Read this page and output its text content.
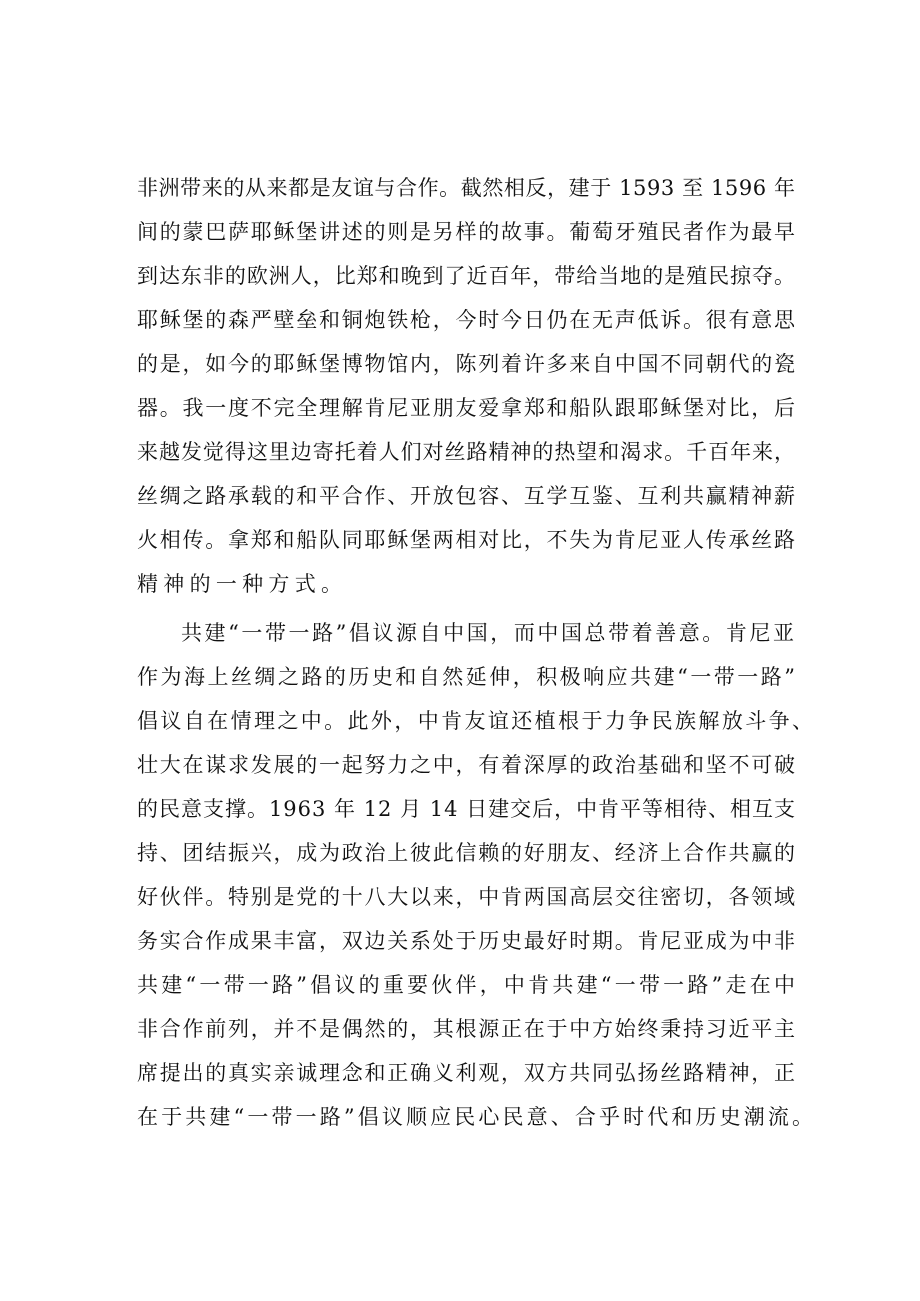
非洲带来的从来都是友谊与合作。截然相反，建于 1593 至 1596 年
间的蒙巴萨耶稣堡讲述的则是另样的故事。葡萄牙殖民者作为最早
到达东非的欧洲人，比郑和晚到了近百年，带给当地的是殖民掠夺。
耶稣堡的森严壁垒和铜炮铁枪，今时今日仍在无声低诉。很有意思
的是，如今的耶稣堡博物馆内，陈列着许多来自中国不同朝代的瓷
器。我一度不完全理解肯尼亚朋友爱拿郑和船队跟耶稣堡对比，后
来越发觉得这里边寄托着人们对丝路精神的热望和渴求。千百年来，
丝绸之路承载的和平合作、开放包容、互学互鉴、互利共赢精神薪
火相传。拿郑和船队同耶稣堡两相对比，不失为肯尼亚人传承丝路
精神的一种方式。
共建“一带一路”倡议源自中国，而中国总带着善意。肯尼亚
作为海上丝绸之路的历史和自然延伸，积极响应共建“一带一路”
倡议自在情理之中。此外，中肯友谊还植根于力争民族解放斗争、
壮大在谋求发展的一起努力之中，有着深厚的政治基础和坚不可破
的民意支撑。1963 年 12 月 14 日建交后，中肯平等相待、相互支
持、团结振兴，成为政治上彼此信赖的好朋友、经济上合作共赢的
好伙伴。特别是党的十八大以来，中肯两国高层交往密切，各领域
务实合作成果丰富，双边关系处于历史最好时期。肯尼亚成为中非
共建“一带一路”倡议的重要伙伴，中肯共建“一带一路”走在中
非合作前列，并不是偶然的，其根源正在于中方始终秉持习近平主
席提出的真实亲诚理念和正确义利观，双方共同弘扬丝路精神，正
在于共建“一带一路”倡议顺应民心民意、合乎时代和历史潮流。
